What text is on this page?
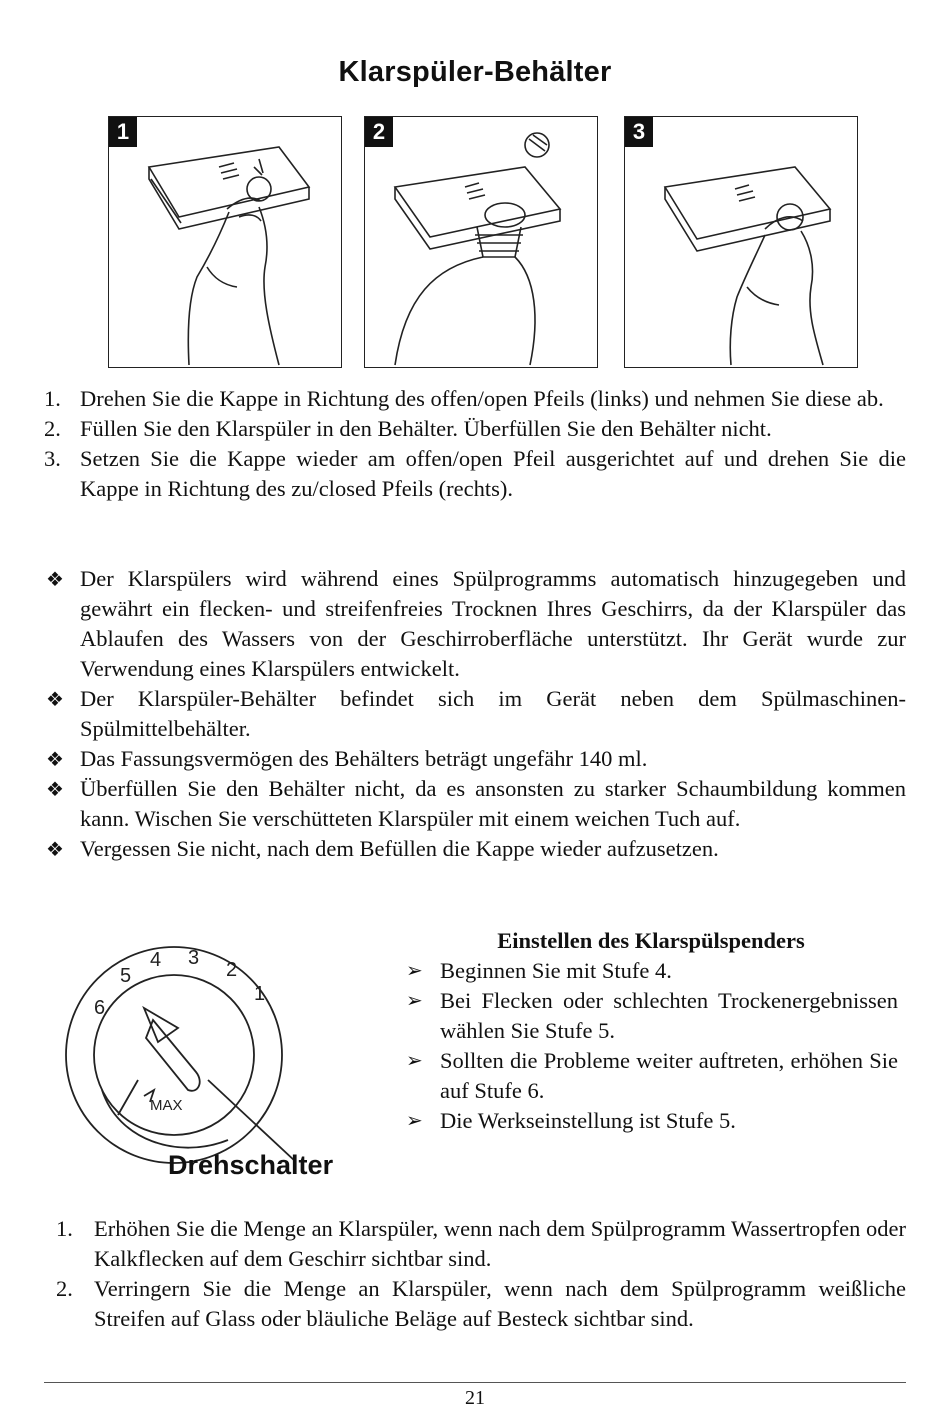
Klarspüler-Behälter
1	2	3
1. Drehen Sie die Kappe in Richtung des offen/open Pfeils (links) und nehmen Sie diese ab.
2. Füllen Sie den Klarspüler in den Behälter. Überfüllen Sie den Behälter nicht.
3. Setzen Sie die Kappe wieder am offen/open Pfeil ausgerichtet auf und drehen Sie die Kappe in Richtung des zu/closed Pfeils (rechts).
❖ Der Klarspülers wird während eines Spülprogramms automatisch hinzugegeben und gewährt ein flecken- und streifenfreies Trocknen Ihres Geschirrs, da der Klarspüler das Ablaufen des Wassers von der Geschirroberfläche unterstützt. Ihr Gerät wurde zur Verwendung eines Klarspülers entwickelt.
❖ Der Klarspüler-Behälter befindet sich im Gerät neben dem Spülmaschinen-Spülmittelbehälter.
❖ Das Fassungsvermögen des Behälters beträgt ungefähr 140 ml.
❖ Überfüllen Sie den Behälter nicht, da es ansonsten zu starker Schaumbildung kommen kann. Wischen Sie verschütteten Klarspüler mit einem weichen Tuch auf.
❖ Vergessen Sie nicht, nach dem Befüllen die Kappe wieder aufzusetzen.
1
2
3
4
5
6
MAX
Drehschalter
Einstellen des Klarspülspenders
➢ Beginnen Sie mit Stufe 4.
➢ Bei Flecken oder schlechten Trockenergebnissen wählen Sie Stufe 5.
➢ Sollten die Probleme weiter auftreten, erhöhen Sie auf Stufe 6.
➢ Die Werkseinstellung ist Stufe 5.
1. Erhöhen Sie die Menge an Klarspüler, wenn nach dem Spülprogramm Wassertropfen oder Kalkflecken auf dem Geschirr sichtbar sind.
2. Verringern Sie die Menge an Klarspüler, wenn nach dem Spülprogramm weißliche Streifen auf Glass oder bläuliche Beläge auf Besteck sichtbar sind.
21
